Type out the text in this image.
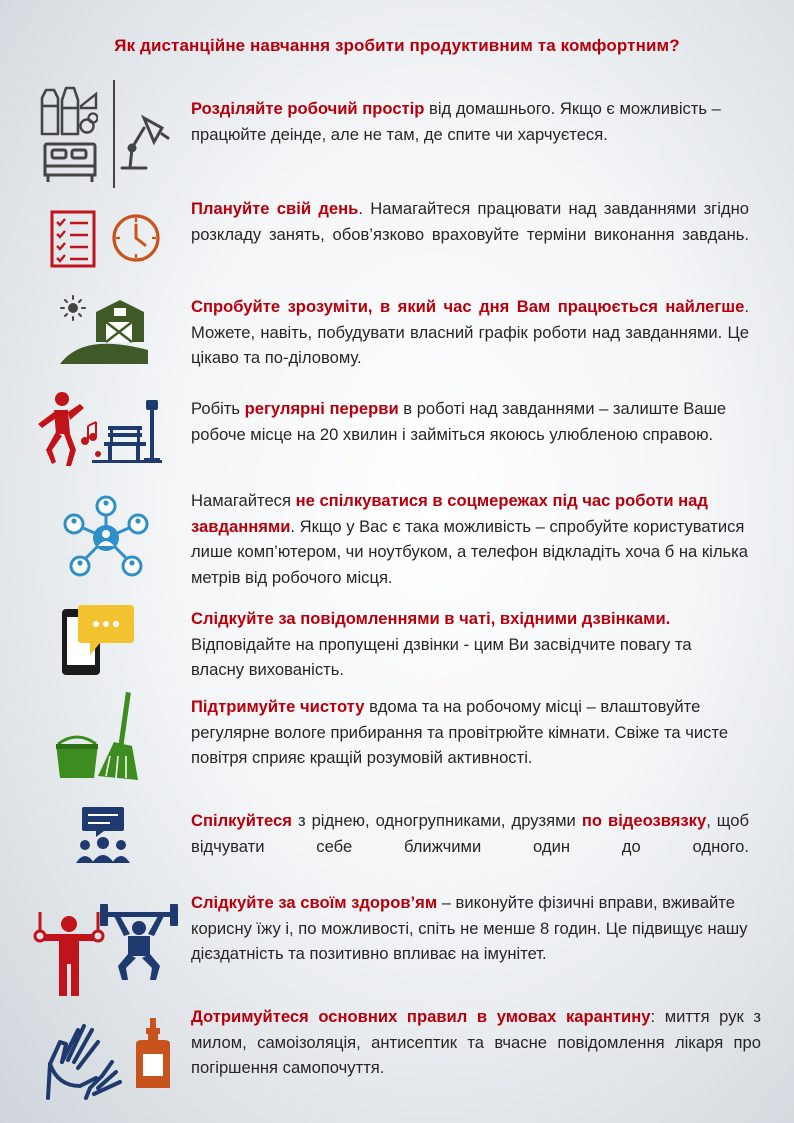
Як дистанційне навчання зробити продуктивним та комфортним?

Розділяйте робочий простір від домашнього. Якщо є можливість – працюйте деінде, але не там, де спите чи харчуєтеся.

Плануйте свій день. Намагайтеся працювати над завданнями згідно розкладу занять, обов’язково враховуйте терміни виконання завдань.

Спробуйте зрозуміти, в який час дня Вам працюється найлегше. Можете, навіть, побудувати власний графік роботи над завданнями. Це цікаво та по-діловому.

Робіть регулярні перерви в роботі над завданнями – залиште Ваше робоче місце на 20 хвилин і займіться якоюсь улюбленою справою.

Намагайтеся не спілкуватися в соцмережах під час роботи над завданнями. Якщо у Вас є така можливість – спробуйте користуватися лише комп’ютером, чи ноутбуком, а телефон відкладіть хоча б на кілька метрів від робочого місця.

Слідкуйте за повідомленнями в чаті, вхідними дзвінками. Відповідайте на пропущені дзвінки - цим Ви засвідчите повагу та власну вихованість.

Підтримуйте чистоту вдома та на робочому місці – влаштовуйте регулярне вологе прибирання та провітрюйте кімнати. Свіже та чисте повітря сприяє кращій розумовій активності.

Спілкуйтеся з ріднею, одногрупниками, друзями по відеозвязку, щоб відчувати себе ближчими один до одного.

Слідкуйте за своїм здоров’ям – виконуйте фізичні вправи, вживайте корисну їжу і, по можливості, спіть не менше 8 годин. Це підвищує нашу дієздатність та позитивно впливає на імунітет.

Дотримуйтеся основних правил в умовах карантину: миття рук з милом, самоізоляція, антисептик та вчасне повідомлення лікаря про погіршення самопочуття.
